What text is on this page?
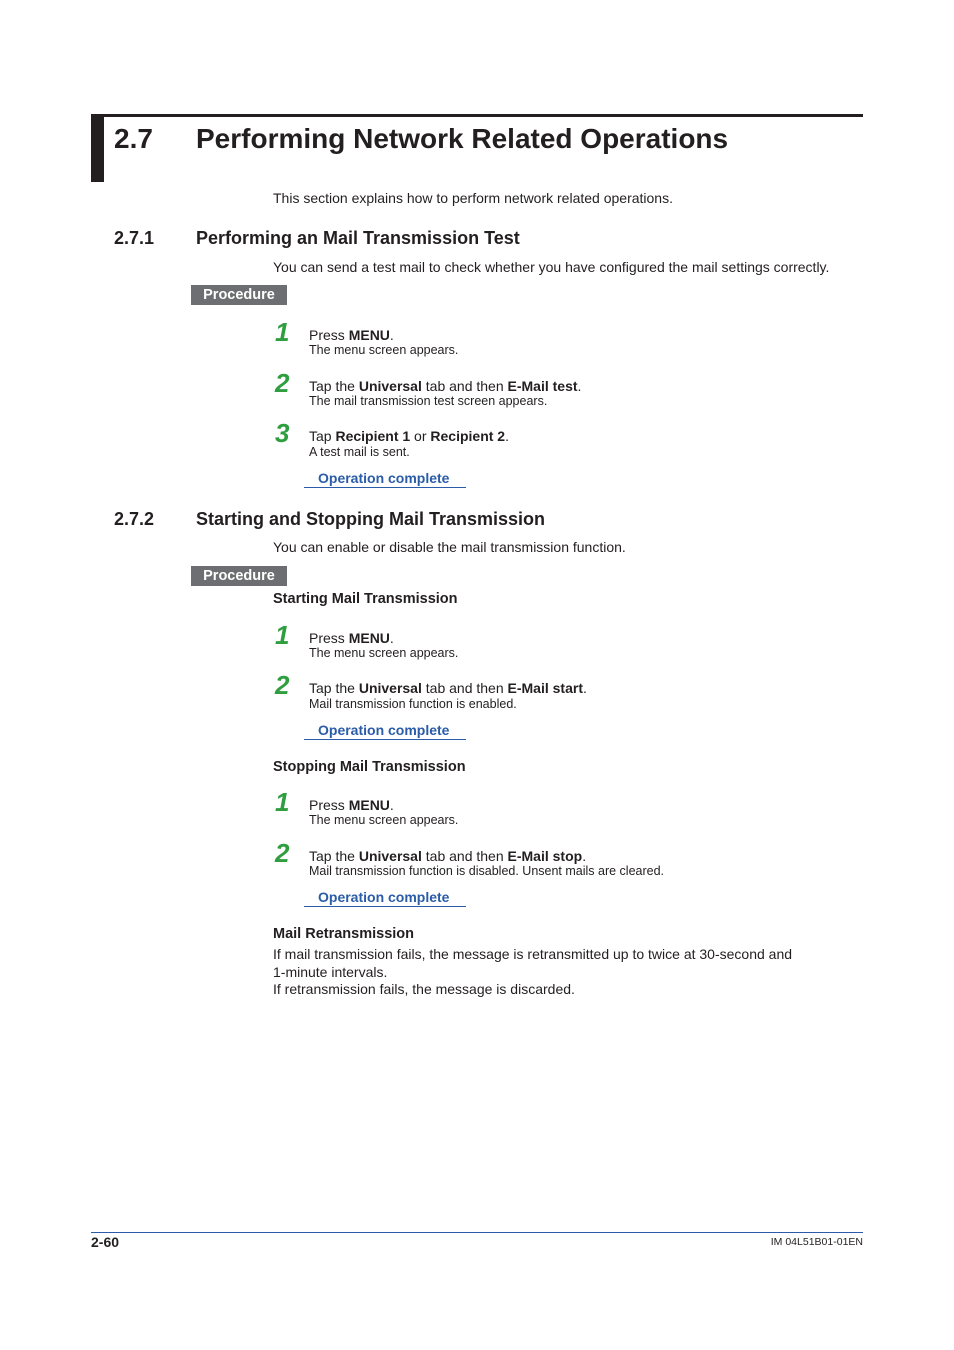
2.7 Performing Network Related Operations
This section explains how to perform network related operations.
2.7.1 Performing an Mail Transmission Test
You can send a test mail to check whether you have configured the mail settings correctly.
Procedure
1	Press MENU.
The menu screen appears.
2	Tap the Universal tab and then E-Mail test.
The mail transmission test screen appears.
3	Tap Recipient 1 or Recipient 2.
A test mail is sent.
Operation complete
2.7.2 Starting and Stopping Mail Transmission
You can enable or disable the mail transmission function.
Procedure
Starting Mail Transmission
1	Press MENU.
The menu screen appears.
2	Tap the Universal tab and then E-Mail start.
Mail transmission function is enabled.
Operation complete
Stopping Mail Transmission
1	Press MENU.
The menu screen appears.
2	Tap the Universal tab and then E-Mail stop.
Mail transmission function is disabled. Unsent mails are cleared.
Operation complete
Mail Retransmission
If mail transmission fails, the message is retransmitted up to twice at 30-second and
1-minute intervals.
If retransmission fails, the message is discarded.
2-60	IM 04L51B01-01EN
